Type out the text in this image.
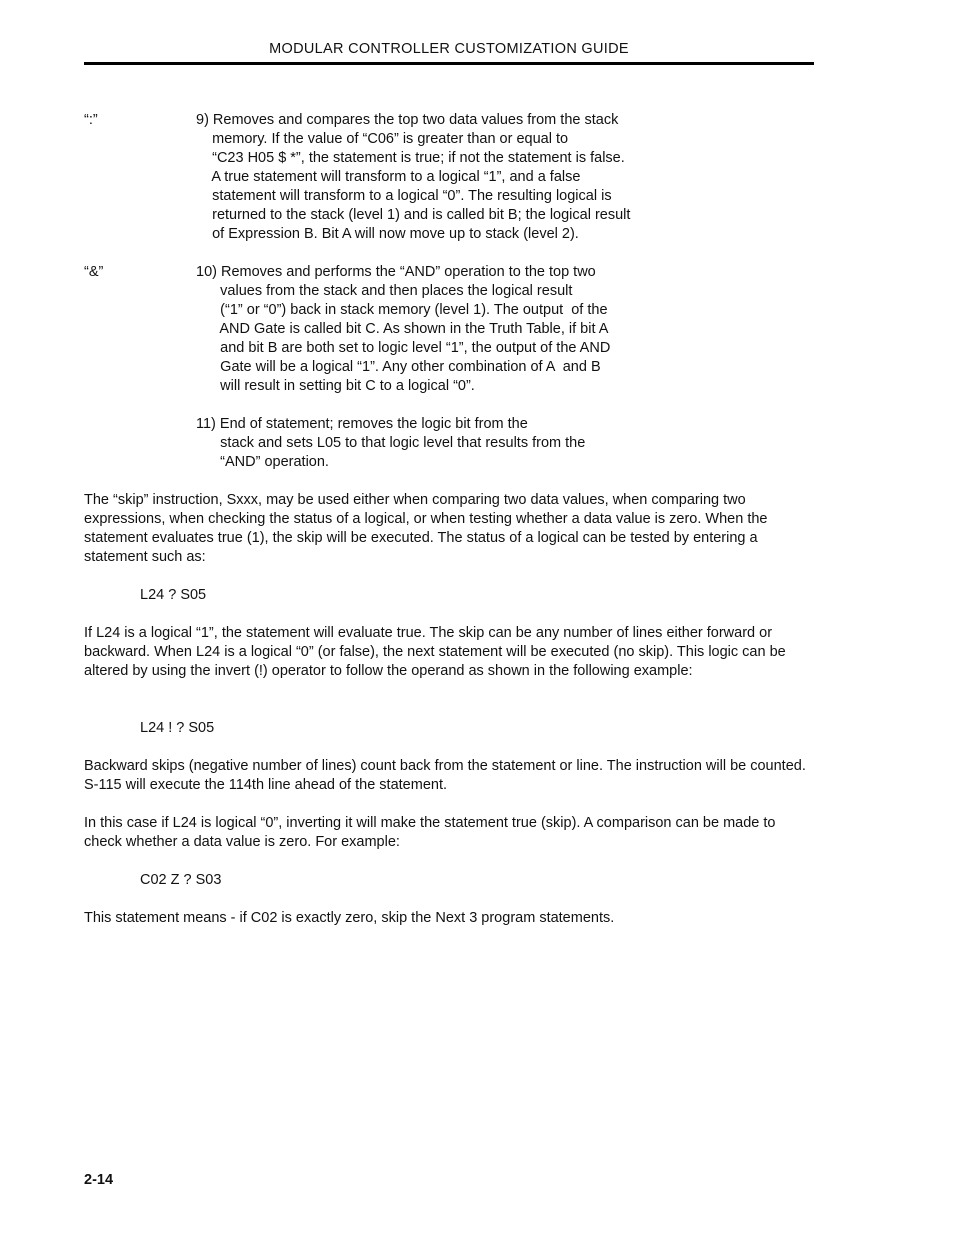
MODULAR CONTROLLER CUSTOMIZATION GUIDE
“:”	9) Removes and compares the top two data values from the stack
memory. If the value of “C06” is greater than or equal to
“C23 H05 $ *”, the statement is true; if not the statement is false.
A true statement will transform to a logical “1”, and a false
statement will transform to a logical “0”. The resulting logical is
returned to the stack (level 1) and is called bit B; the logical result
of Expression B. Bit A will now move up to stack (level 2).
“&”	10) Removes and performs the “AND” operation to the top two
values from the stack and then places the logical result
(“1” or “0”) back in stack memory (level 1). The output  of the
AND Gate is called bit C. As shown in the Truth Table, if bit A
and bit B are both set to logic level “1”, the output of the AND
Gate will be a logical “1”. Any other combination of A  and B
will result in setting bit C to a logical “0”.
11) End of statement; removes the logic bit from the
stack and sets L05 to that logic level that results from the
“AND” operation.

The “skip” instruction, Sxxx, may be used either when comparing two data values, when comparing two expressions, when checking the status of a logical, or when testing whether a data value is zero. When the statement evaluates true (1), the skip will be executed. The status of a logical can be tested by entering a statement such as:

L24 ? S05

If L24 is a logical “1”, the statement will evaluate true. The skip can be any number of lines either forward or backward. When L24 is a logical “0” (or false), the next statement will be executed (no skip). This logic can be altered by using the invert (!) operator to follow the operand as shown in the following example:

L24 ! ? S05

Backward skips (negative number of lines) count back from the statement or line. The instruction will be counted. S-115 will execute the 114th line ahead of the statement.

In this case if L24 is logical “0”, inverting it will make the statement true (skip). A comparison can be made to check whether a data value is zero. For example:

C02 Z ? S03

This statement means - if C02 is exactly zero, skip the Next 3 program statements.

2-14
